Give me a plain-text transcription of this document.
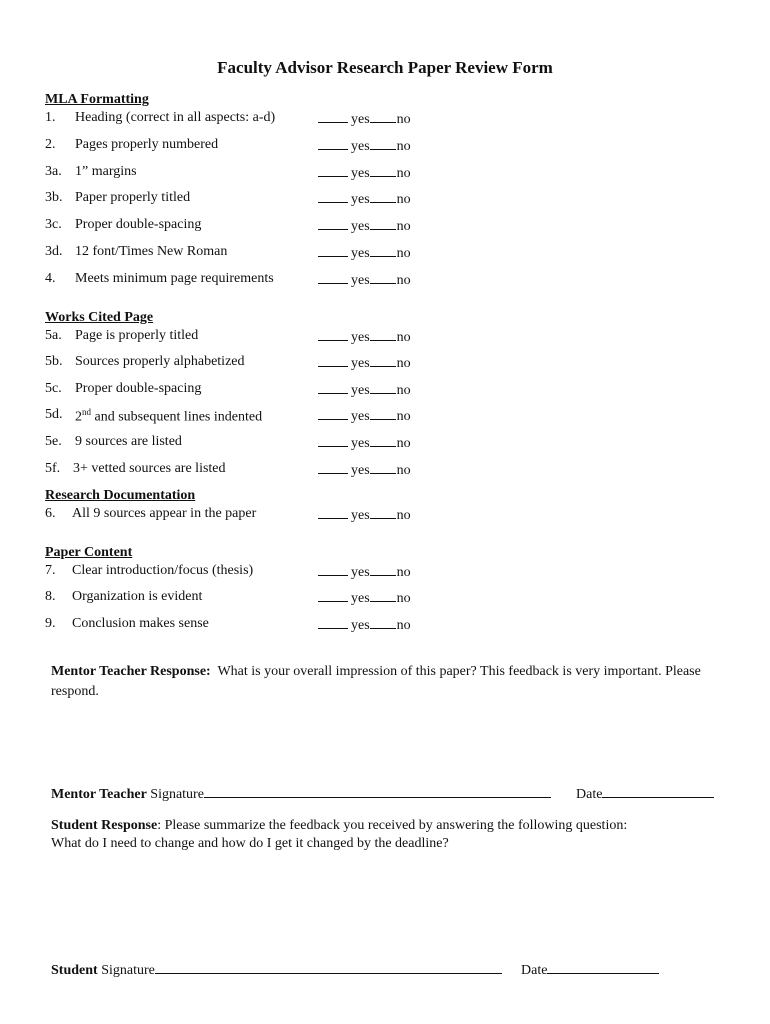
Faculty Advisor Research Paper Review Form
MLA Formatting
1. Heading (correct in all aspects: a-d)	yes no
2. Pages properly numbered	yes no
3a. 1” margins	yes no
3b. Paper properly titled	yes no
3c. Proper double-spacing	yes no
3d. 12 font/Times New Roman	yes no
4. Meets minimum page requirements	yes no
Works Cited Page
5a. Page is properly titled	yes no
5b. Sources properly alphabetized	yes no
5c. Proper double-spacing	yes no
5d. 2nd and subsequent lines indented	yes no
5e. 9 sources are listed	yes no
5f. 3+ vetted sources are listed	yes no
Research Documentation
6. All 9 sources appear in the paper	yes no
Paper Content
7. Clear introduction/focus (thesis)	yes no
8. Organization is evident	yes no
9. Conclusion makes sense	yes no
Mentor Teacher Response: What is your overall impression of this paper? This feedback is very important. Please respond.
Mentor Teacher Signature	Date
Student Response: Please summarize the feedback you received by answering the following question:
What do I need to change and how do I get it changed by the deadline?
Student Signature	Date
